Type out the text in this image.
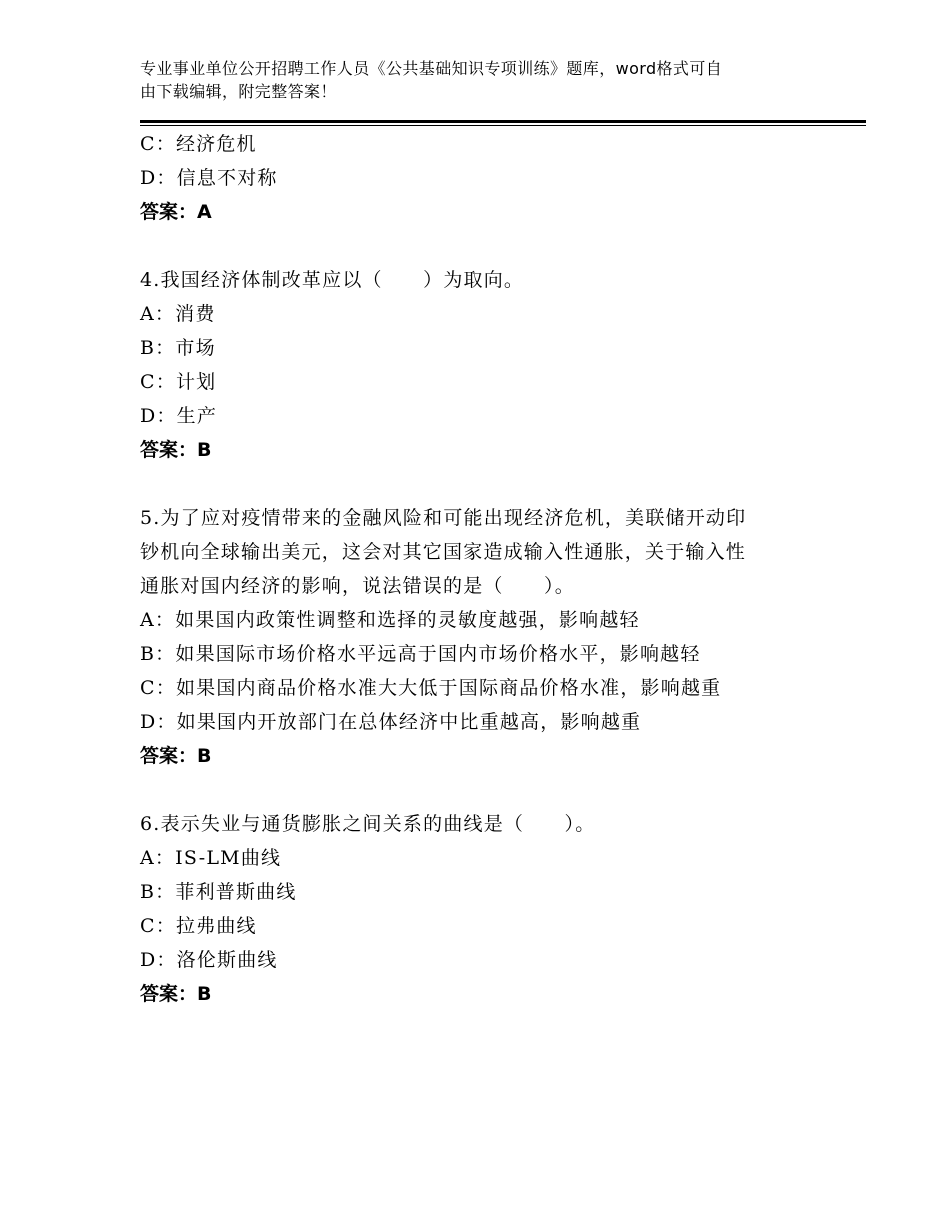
专业事业单位公开招聘工作人员《公共基础知识专项训练》题库，word格式可自
由下载编辑，附完整答案！
C：经济危机
D：信息不对称
答案：A
4.我国经济体制改革应以（　　）为取向。
A：消费
B：市场
C：计划
D：生产
答案：B
5.为了应对疫情带来的金融风险和可能出现经济危机，美联储开动印
钞机向全球输出美元，这会对其它国家造成输入性通胀，关于输入性
通胀对国内经济的影响，说法错误的是（　　）。
A：如果国内政策性调整和选择的灵敏度越强，影响越轻
B：如果国际市场价格水平远高于国内市场价格水平，影响越轻
C：如果国内商品价格水准大大低于国际商品价格水准，影响越重
D：如果国内开放部门在总体经济中比重越高，影响越重
答案：B
6.表示失业与通货膨胀之间关系的曲线是（　　）。
A：IS-LM曲线
B：菲利普斯曲线
C：拉弗曲线
D：洛伦斯曲线
答案：B
